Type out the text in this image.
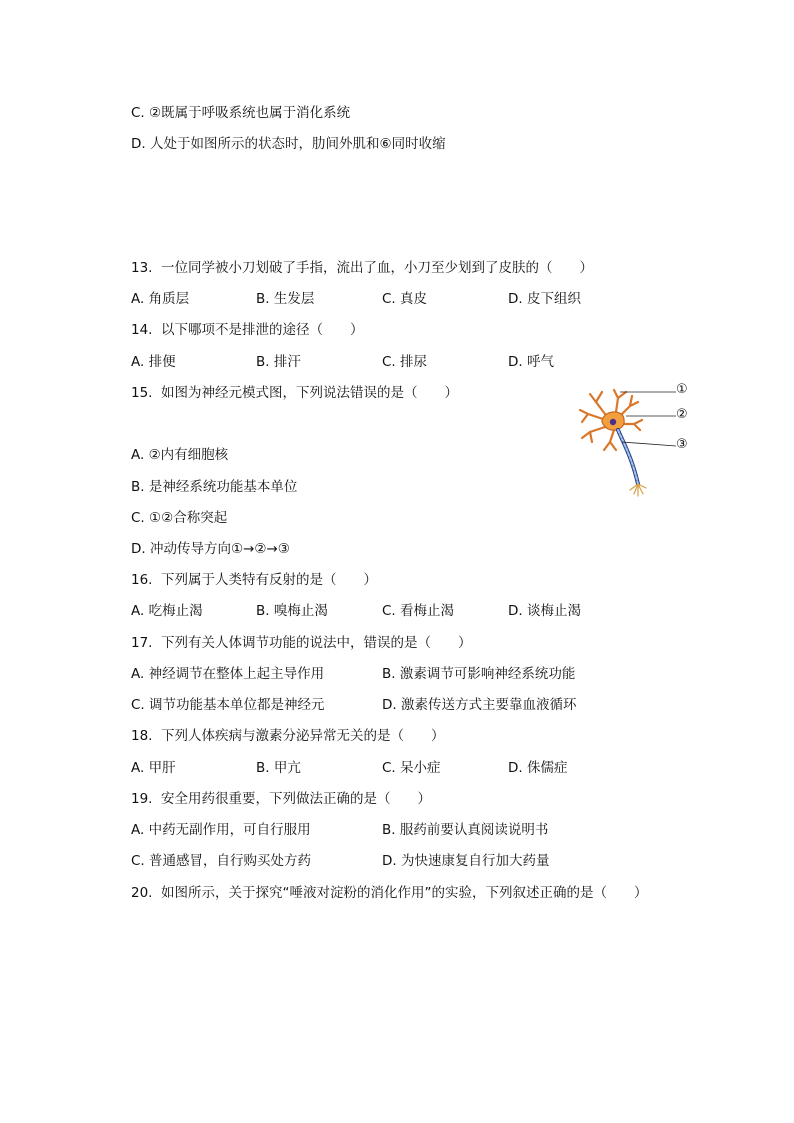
C. ②既属于呼吸系统也属于消化系统
D. 人处于如图所示的状态时，肋间外肌和⑥同时收缩
13. 一位同学被小刀划破了手指，流出了血，小刀至少划到了皮肤的（　　）
A. 角质层	B. 生发层	C. 真皮	D. 皮下组织
14. 以下哪项不是排泄的途径（　　）
A. 排便	B. 排汗	C. 排尿	D. 呼气
15. 如图为神经元模式图，下列说法错误的是（　　）
A. ②内有细胞核
B. 是神经系统功能基本单位
C. ①②合称突起
D. 冲动传导方向①→②→③
①
②
③
16. 下列属于人类特有反射的是（　　）
A. 吃梅止渴	B. 嗅梅止渴	C. 看梅止渴	D. 谈梅止渴
17. 下列有关人体调节功能的说法中，错误的是（　　）
A. 神经调节在整体上起主导作用	B. 激素调节可影响神经系统功能
C. 调节功能基本单位都是神经元	D. 激素传送方式主要靠血液循环
18. 下列人体疾病与激素分泌异常无关的是（　　）
A. 甲肝	B. 甲亢	C. 呆小症	D. 侏儒症
19. 安全用药很重要，下列做法正确的是（　　）
A. 中药无副作用，可自行服用	B. 服药前要认真阅读说明书
C. 普通感冒，自行购买处方药	D. 为快速康复自行加大药量
20. 如图所示，关于探究“唾液对淀粉的消化作用”的实验，下列叙述正确的是（　　）
